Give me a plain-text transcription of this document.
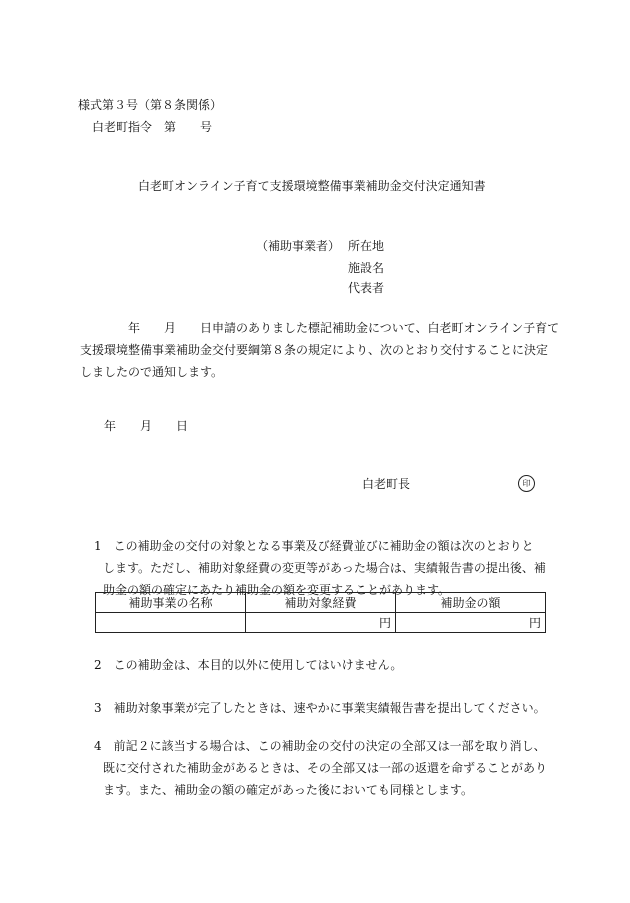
様式第３号（第８条関係）
白老町指令　第　　号
白老町オンライン子育て支援環境整備事業補助金交付決定通知書
（補助事業者） 所在地
施設名
代表者
　　年　　月　　日申請のありました標記補助金について、白老町オンライン子育て
支援環境整備事業補助金交付要綱第８条の規定により、次のとおり交付することに決定
しましたので通知します。
年　　月　　日
白老町長	印
1 この補助金の交付の対象となる事業及び経費並びに補助金の額は次のとおりと
します。ただし、補助対象経費の変更等があった場合は、実績報告書の提出後、補
助金の額の確定にあたり補助金の額を変更することがあります。
補助事業の名称	補助対象経費	補助金の額
	円	円
2 この補助金は、本目的以外に使用してはいけません。
3 補助対象事業が完了したときは、速やかに事業実績報告書を提出してください。
4 前記２に該当する場合は、この補助金の交付の決定の全部又は一部を取り消し、
既に交付された補助金があるときは、その全部又は一部の返還を命ずることがあり
ます。また、補助金の額の確定があった後においても同様とします。
